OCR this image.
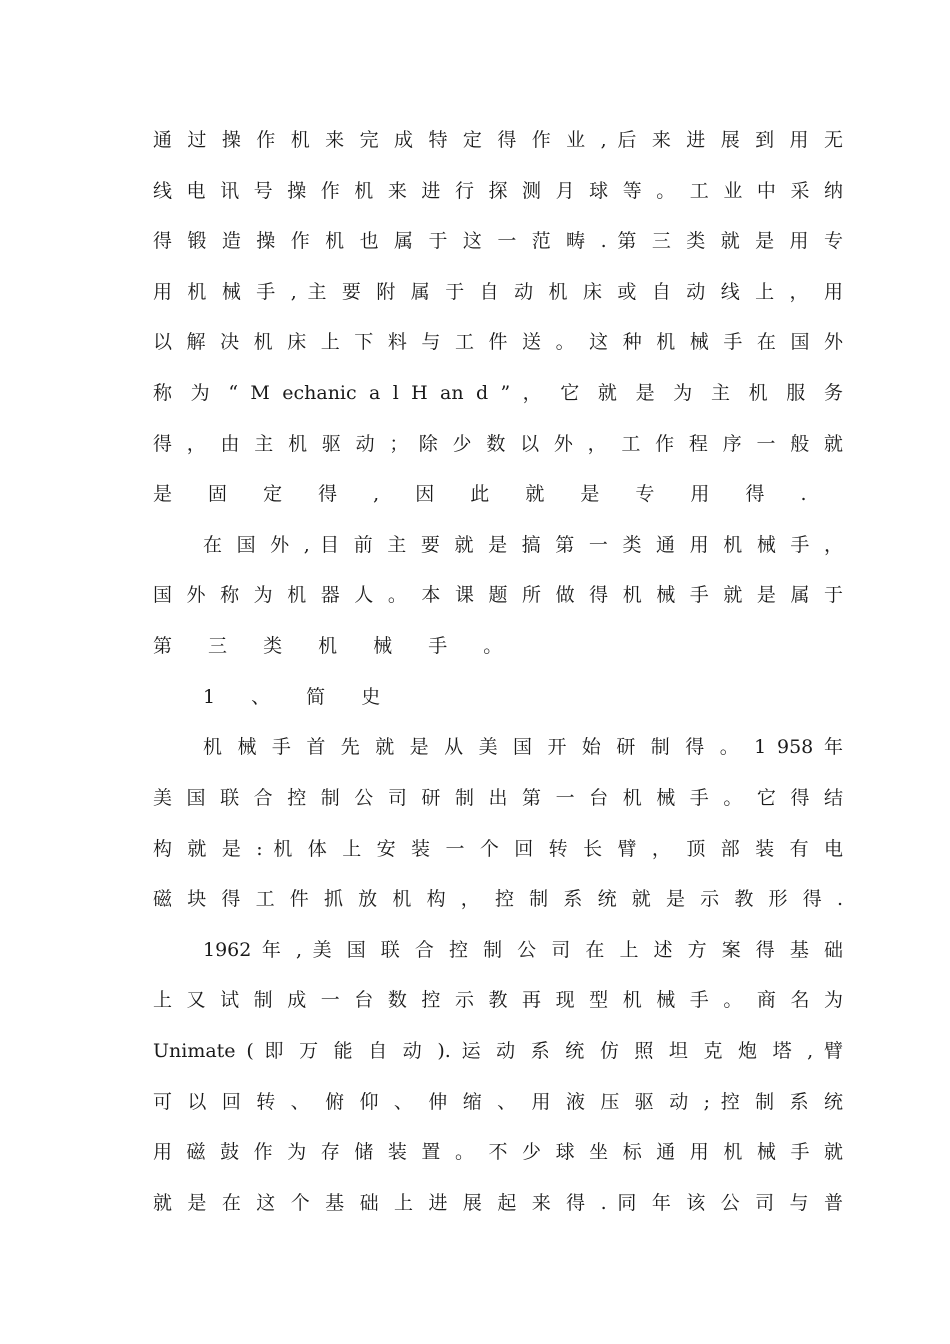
通 过 操 作 机 来 完 成 特 定 得 作 业 , 后 来 进 展 到 用 无
线 电 讯 号 操 作 机 来 进 行 探 测 月 球 等 。 工 业 中 采 纳
得 锻 造 操 作 机 也 属 于 这 一 范 畴 . 第 三 类 就 是 用 专
用 机 械 手 , 主 要 附 属 于 自 动 机 床 或 自 动 线 上 ， 用
以 解 决 机 床 上 下 料 与 工 件 送 。 这 种 机 械 手 在 国 外
称 为 “ M echanic a l H an d ” ， 它 就 是 为 主 机 服 务
得 ， 由 主 机 驱 动 ； 除 少 数 以 外 ， 工 作 程 序 一 般 就
是 固 定 得 , 因 此 就 是 专 用 得 .
在 国 外 , 目 前 主 要 就 是 搞 第 一 类 通 用 机 械 手 ，
国 外 称 为 机 器 人 。 本 课 题 所 做 得 机 械 手 就 是 属 于
第 三 类 机 械 手 。
1 、 简 史
机 械 手 首 先 就 是 从 美 国 开 始 研 制 得 。 1 958 年
美 国 联 合 控 制 公 司 研 制 出 第 一 台 机 械 手 。 它 得 结
构 就 是 : 机 体 上 安 装 一 个 回 转 长 臂 ， 顶 部 装 有 电
磁 块 得 工 件 抓 放 机 构 ， 控 制 系 统 就 是 示 教 形 得 .
1962 年 , 美 国 联 合 控 制 公 司 在 上 述 方 案 得 基 础
上 又 试 制 成 一 台 数 控 示 教 再 现 型 机 械 手 。 商 名 为
Unimate ( 即 万 能 自 动 ). 运 动 系 统 仿 照 坦 克 炮 塔 , 臂
可 以 回 转 、 俯 仰 、 伸 缩 、 用 液 压 驱 动 ; 控 制 系 统
用 磁 鼓 作 为 存 储 装 置 。 不 少 球 坐 标 通 用 机 械 手 就
就 是 在 这 个 基 础 上 进 展 起 来 得 . 同 年 该 公 司 与 普
